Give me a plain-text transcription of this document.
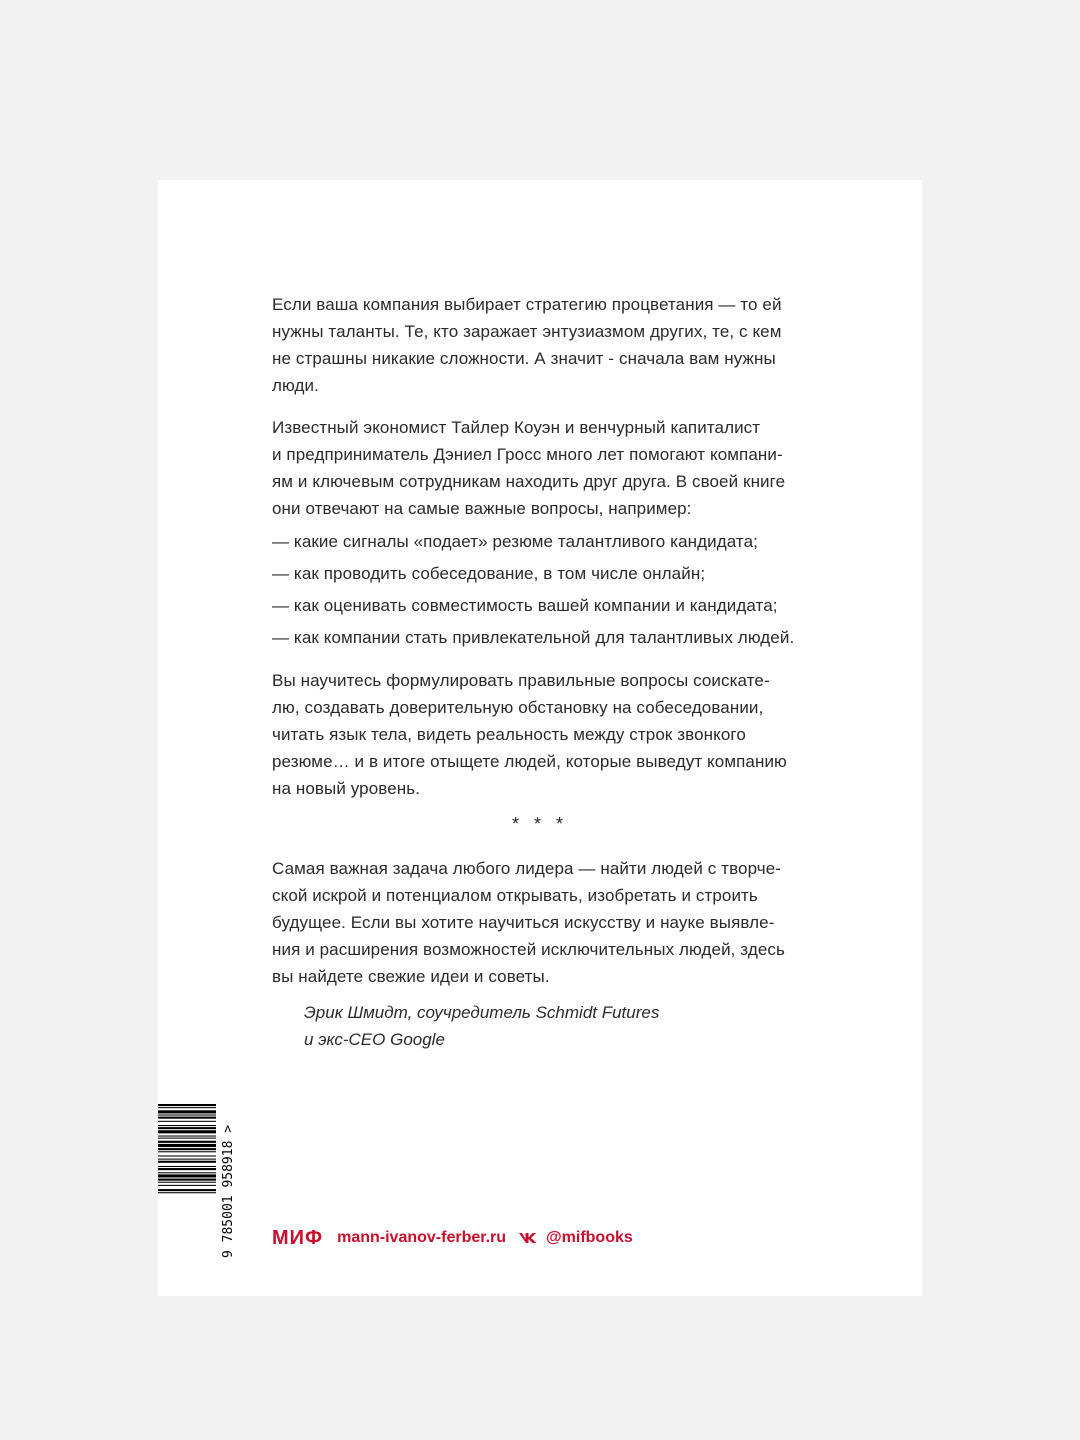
Если ваша компания выбирает стратегию процветания — то ей
нужны таланты. Те, кто заражает энтузиазмом других, те, с кем
не страшны никакие сложности. А значит - сначала вам нужны
люди.

Известный экономист Тайлер Коуэн и венчурный капиталист
и предприниматель Дэниел Гросс много лет помогают компани-
ям и ключевым сотрудникам находить друг друга. В своей книге
они отвечают на самые важные вопросы, например:

— какие сигналы «подает» резюме талантливого кандидата;
— как проводить собеседование, в том числе онлайн;
— как оценивать совместимость вашей компании и кандидата;
— как компании стать привлекательной для талантливых людей.

Вы научитесь формулировать правильные вопросы соискате-
лю, создавать доверительную обстановку на собеседовании,
читать язык тела, видеть реальность между строк звонкого
резюме… и в итоге отыщете людей, которые выведут компанию
на новый уровень.

* * *

Самая важная задача любого лидера — найти людей с творче-
ской искрой и потенциалом открывать, изобретать и строить
будущее. Если вы хотите научиться искусству и науке выявле-
ния и расширения возможностей исключительных людей, здесь
вы найдете свежие идеи и советы.

Эрик Шмидт, соучредитель Schmidt Futures
и экс-CEO Google
9 785001 958918 > МИФ mann-ivanov-ferber.ru	@mifbooks
